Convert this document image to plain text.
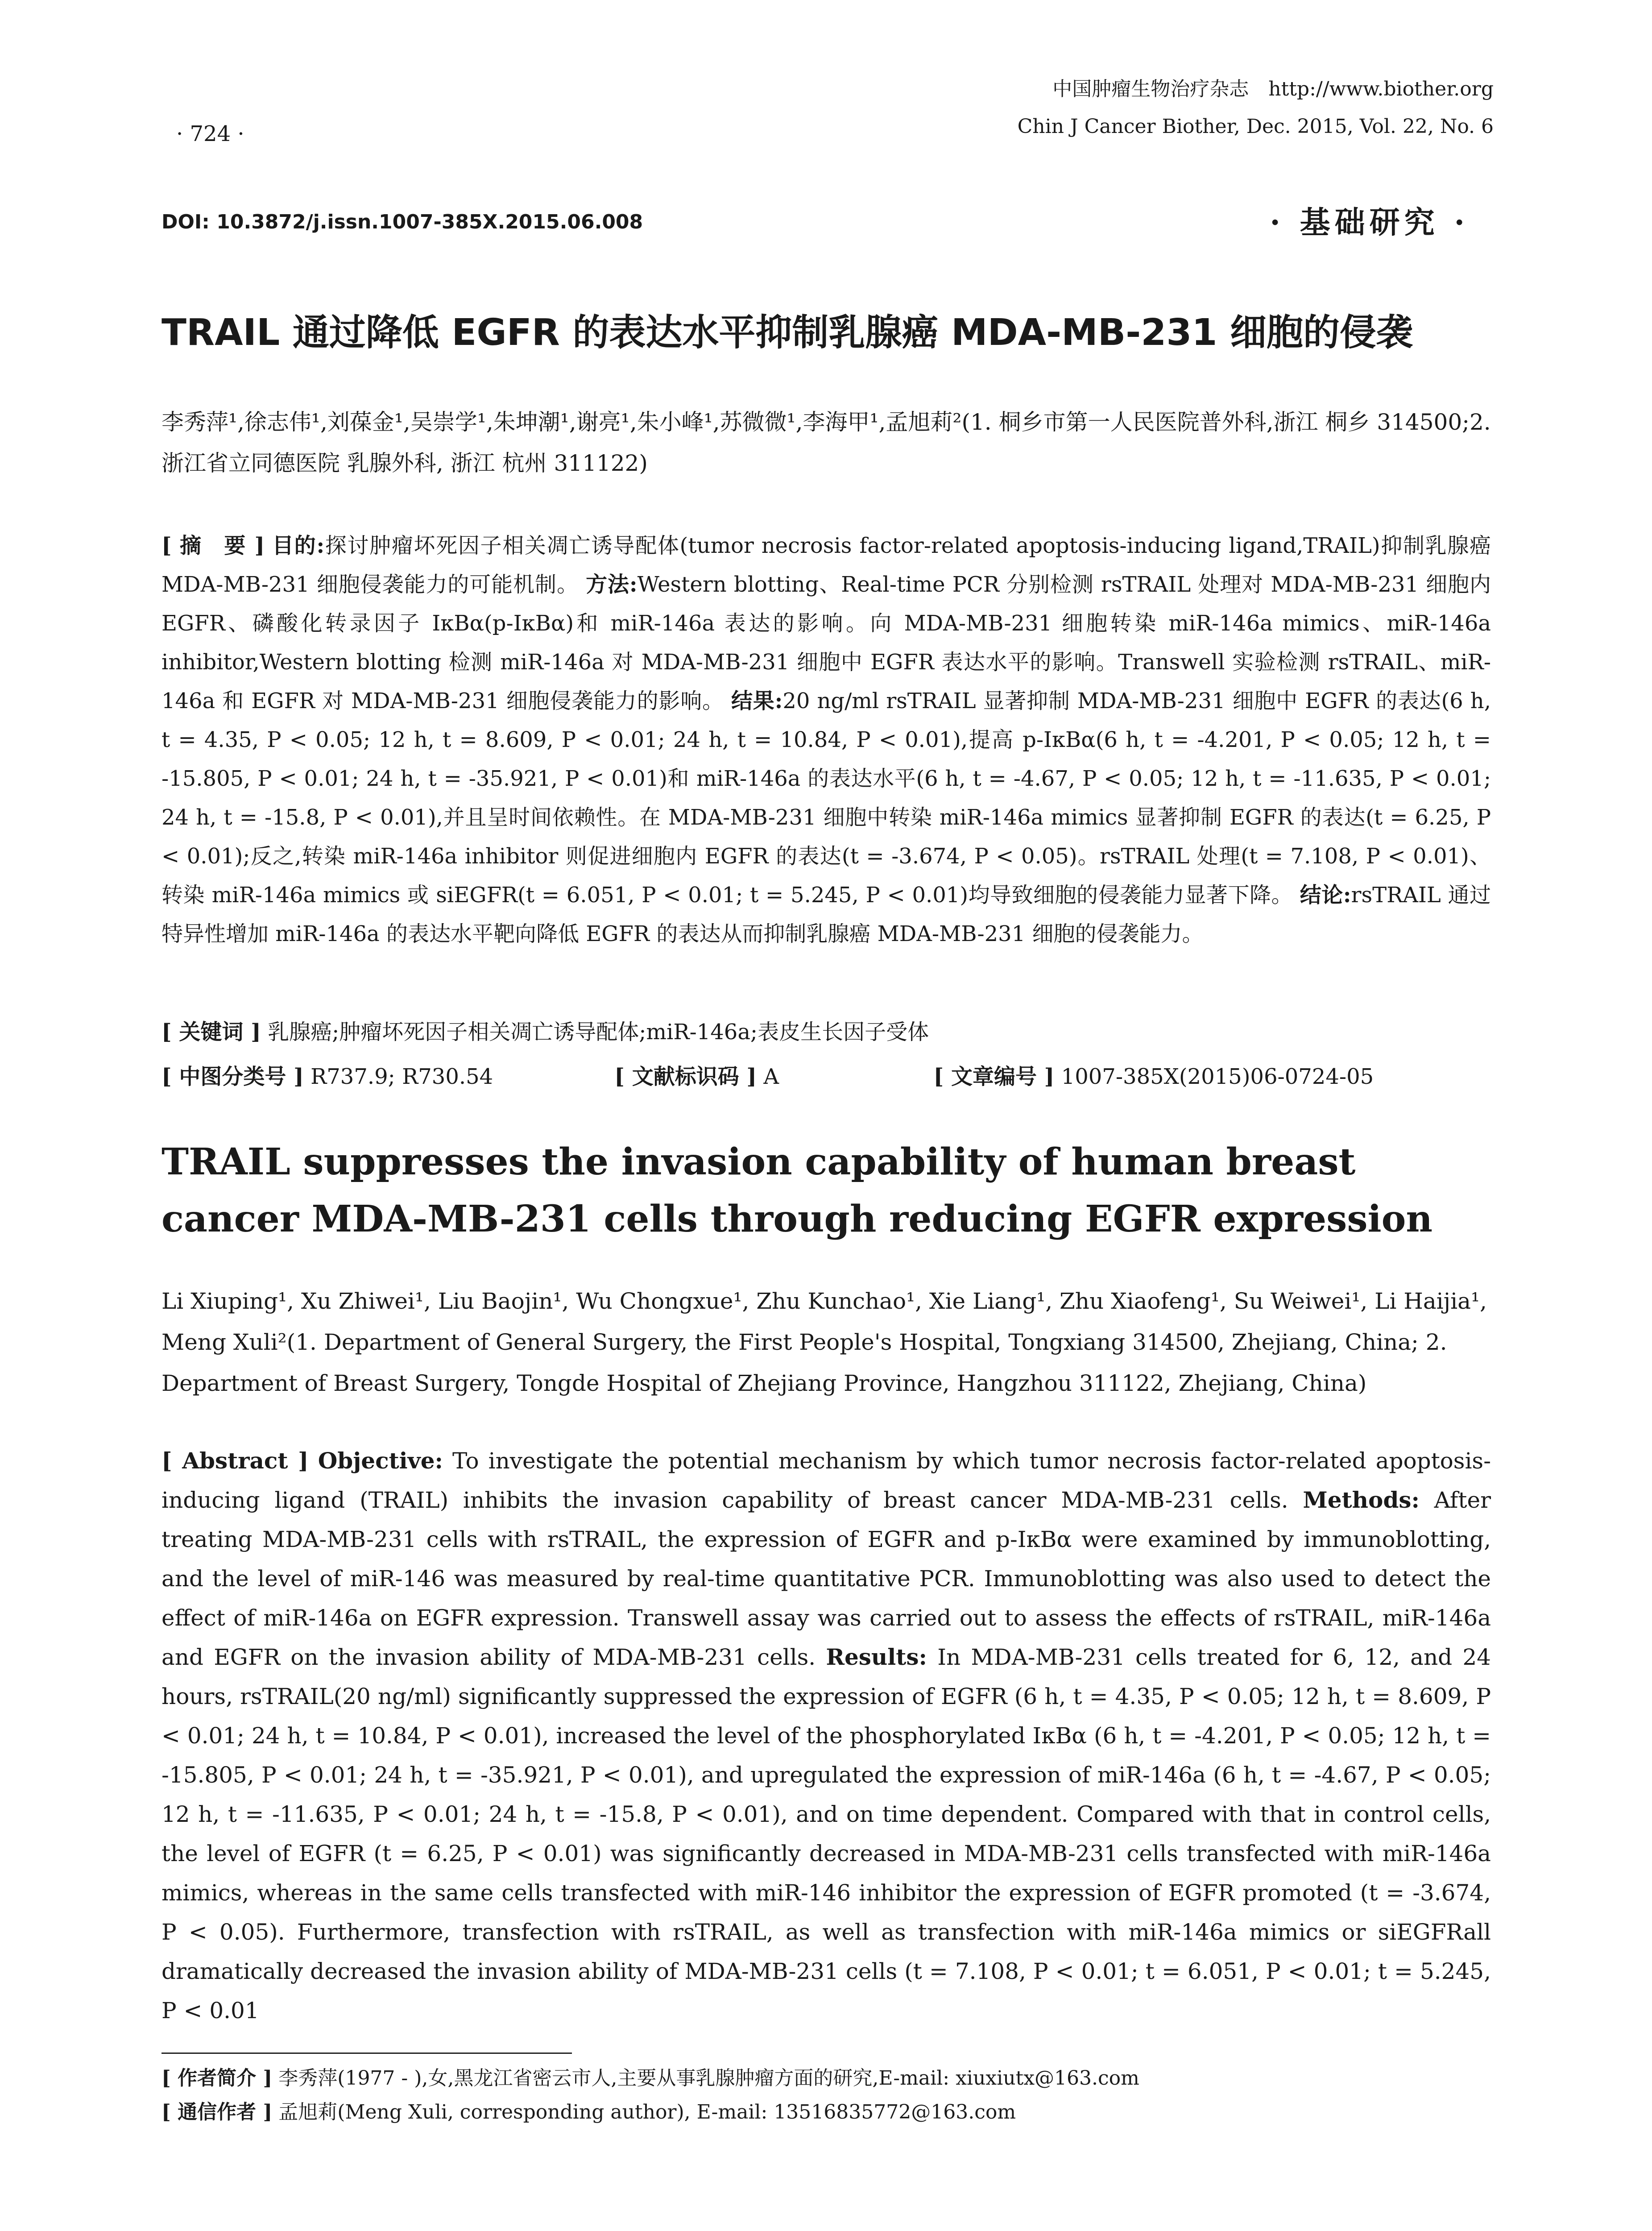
· 724 ·
中国肿瘤生物治疗杂志　http://www.biother.org
Chin J Cancer Biother, Dec. 2015, Vol. 22, No. 6
DOI: 10.3872/j.issn.1007-385X.2015.06.008	· 基础研究 ·
TRAIL 通过降低 EGFR 的表达水平抑制乳腺癌 MDA-MB-231 细胞的侵袭
李秀萍¹,徐志伟¹,刘葆金¹,吴崇学¹,朱坤潮¹,谢亮¹,朱小峰¹,苏微微¹,李海甲¹,孟旭莉²(1. 桐乡市第一人民医院普外科,浙江 桐乡 314500;2. 浙江省立同德医院 乳腺外科, 浙江 杭州 311122)
[ 摘　要 ] 目的:探讨肿瘤坏死因子相关凋亡诱导配体(tumor necrosis factor-related apoptosis-inducing ligand,TRAIL)抑制乳腺癌 MDA-MB-231 细胞侵袭能力的可能机制。 方法:Western blotting、Real-time PCR 分别检测 rsTRAIL 处理对 MDA-MB-231 细胞内 EGFR、磷酸化转录因子 IκBα(p-IκBα)和 miR-146a 表达的影响。向 MDA-MB-231 细胞转染 miR-146a mimics、miR-146a inhibitor,Western blotting 检测 miR-146a 对 MDA-MB-231 细胞中 EGFR 表达水平的影响。Transwell 实验检测 rsTRAIL、miR-146a 和 EGFR 对 MDA-MB-231 细胞侵袭能力的影响。 结果:20 ng/ml rsTRAIL 显著抑制 MDA-MB-231 细胞中 EGFR 的表达(6 h, t = 4.35, P < 0.05; 12 h, t = 8.609, P < 0.01; 24 h, t = 10.84, P < 0.01),提高 p-IκBα(6 h, t = -4.201, P < 0.05; 12 h, t = -15.805, P < 0.01; 24 h, t = -35.921, P < 0.01)和 miR-146a 的表达水平(6 h, t = -4.67, P < 0.05; 12 h, t = -11.635, P < 0.01; 24 h, t = -15.8, P < 0.01),并且呈时间依赖性。在 MDA-MB-231 细胞中转染 miR-146a mimics 显著抑制 EGFR 的表达(t = 6.25, P < 0.01);反之,转染 miR-146a inhibitor 则促进细胞内 EGFR 的表达(t = -3.674, P < 0.05)。rsTRAIL 处理(t = 7.108, P < 0.01)、转染 miR-146a mimics 或 siEGFR(t = 6.051, P < 0.01; t = 5.245, P < 0.01)均导致细胞的侵袭能力显著下降。 结论:rsTRAIL 通过特异性增加 miR-146a 的表达水平靶向降低 EGFR 的表达从而抑制乳腺癌 MDA-MB-231 细胞的侵袭能力。
[ 关键词 ] 乳腺癌;肿瘤坏死因子相关凋亡诱导配体;miR-146a;表皮生长因子受体
[ 中图分类号 ] R737.9; R730.54	[ 文献标识码 ] A	[ 文章编号 ] 1007-385X(2015)06-0724-05
TRAIL suppresses the invasion capability of human breast cancer MDA-MB-231 cells through reducing EGFR expression
Li Xiuping¹, Xu Zhiwei¹, Liu Baojin¹, Wu Chongxue¹, Zhu Kunchao¹, Xie Liang¹, Zhu Xiaofeng¹, Su Weiwei¹, Li Haijia¹, Meng Xuli²(1. Department of General Surgery, the First People's Hospital, Tongxiang 314500, Zhejiang, China; 2. Department of Breast Surgery, Tongde Hospital of Zhejiang Province, Hangzhou 311122, Zhejiang, China)
[ Abstract ] Objective: To investigate the potential mechanism by which tumor necrosis factor-related apoptosis-inducing ligand (TRAIL) inhibits the invasion capability of breast cancer MDA-MB-231 cells. Methods: After treating MDA-MB-231 cells with rsTRAIL, the expression of EGFR and p-IκBα were examined by immunoblotting, and the level of miR-146 was measured by real-time quantitative PCR. Immunoblotting was also used to detect the effect of miR-146a on EGFR expression. Transwell assay was carried out to assess the effects of rsTRAIL, miR-146a and EGFR on the invasion ability of MDA-MB-231 cells. Results: In MDA-MB-231 cells treated for 6, 12, and 24 hours, rsTRAIL(20 ng/ml) significantly suppressed the expression of EGFR (6 h, t = 4.35, P < 0.05; 12 h, t = 8.609, P < 0.01; 24 h, t = 10.84, P < 0.01), increased the level of the phosphorylated IκBα (6 h, t = -4.201, P < 0.05; 12 h, t = -15.805, P < 0.01; 24 h, t = -35.921, P < 0.01), and upregulated the expression of miR-146a (6 h, t = -4.67, P < 0.05; 12 h, t = -11.635, P < 0.01; 24 h, t = -15.8, P < 0.01), and on time dependent. Compared with that in control cells, the level of EGFR (t = 6.25, P < 0.01) was significantly decreased in MDA-MB-231 cells transfected with miR-146a mimics, whereas in the same cells transfected with miR-146 inhibitor the expression of EGFR promoted (t = -3.674, P < 0.05). Furthermore, transfection with rsTRAIL, as well as transfection with miR-146a mimics or siEGFRall dramatically decreased the invasion ability of MDA-MB-231 cells (t = 7.108, P < 0.01; t = 6.051, P < 0.01; t = 5.245, P < 0.01
[ 作者简介 ] 李秀萍(1977 - ),女,黑龙江省密云市人,主要从事乳腺肿瘤方面的研究,E-mail: xiuxiutx@163.com
[ 通信作者 ] 孟旭莉(Meng Xuli, corresponding author), E-mail: 13516835772@163.com
